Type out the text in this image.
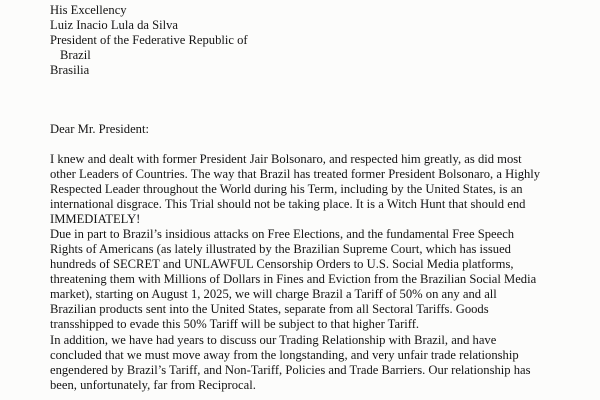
His Excellency
Luiz Inacio Lula da Silva
President of the Federative Republic of
Brazil
Brasilia
Dear Mr. President:
I knew and dealt with former President Jair Bolsonaro, and respected him greatly, as did most
other Leaders of Countries. The way that Brazil has treated former President Bolsonaro, a Highly
Respected Leader throughout the World during his Term, including by the United States, is an
international disgrace. This Trial should not be taking place. It is a Witch Hunt that should end
IMMEDIATELY!
Due in part to Brazil’s insidious attacks on Free Elections, and the fundamental Free Speech
Rights of Americans (as lately illustrated by the Brazilian Supreme Court, which has issued
hundreds of SECRET and UNLAWFUL Censorship Orders to U.S. Social Media platforms,
threatening them with Millions of Dollars in Fines and Eviction from the Brazilian Social Media
market), starting on August 1, 2025, we will charge Brazil a Tariff of 50% on any and all
Brazilian products sent into the United States, separate from all Sectoral Tariffs. Goods
transshipped to evade this 50% Tariff will be subject to that higher Tariff.
In addition, we have had years to discuss our Trading Relationship with Brazil, and have
concluded that we must move away from the longstanding, and very unfair trade relationship
engendered by Brazil’s Tariff, and Non-Tariff, Policies and Trade Barriers. Our relationship has
been, unfortunately, far from Reciprocal.
